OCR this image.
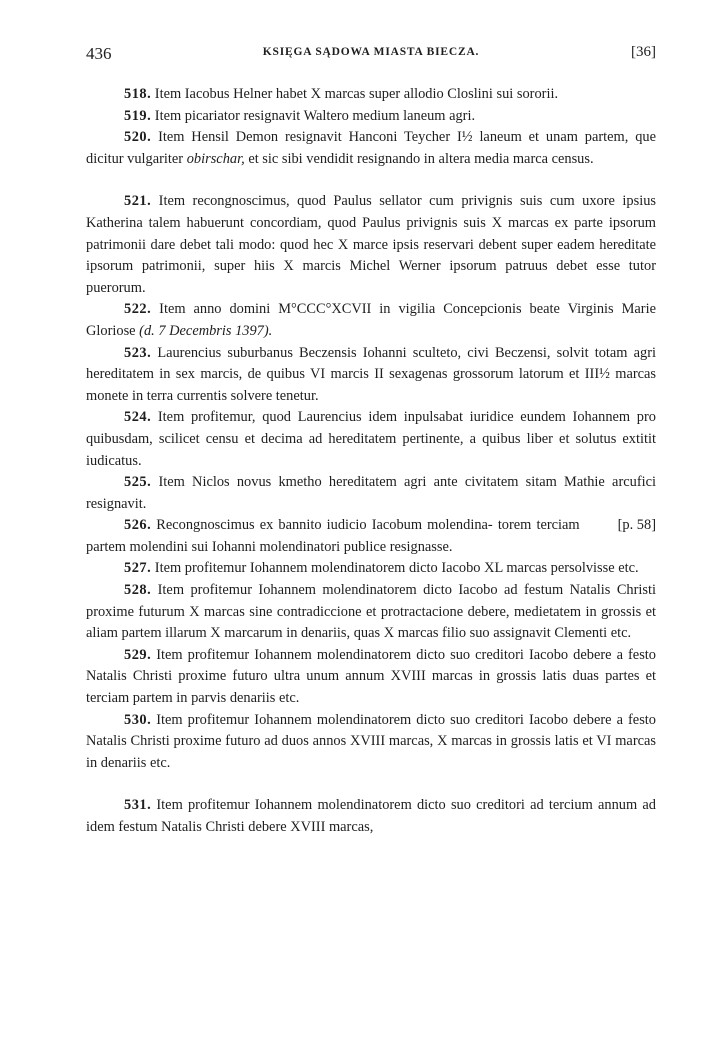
436	KSIĘGA SĄDOWA MIASTA BIECZA.	[36]

518. Item Iacobus Helner habet X marcas super allodio Closlini sui sororii.

519. Item picariator resignavit Waltero medium laneum agri.

520. Item Hensil Demon resignavit Hanconi Teycher I½ laneum et unam partem, que dicitur vulgariter obirschar, et sic sibi vendidit resignando in altera media marca census.

521. Item recongnoscimus, quod Paulus sellator cum privignis suis cum uxore ipsius Katherina talem habuerunt concordiam, quod Paulus privignis suis X marcas ex parte ipsorum patrimonii dare debet tali modo: quod hec X marce ipsis reservari debent super eadem hereditate ipsorum patrimonii, super hiis X marcis Michel Werner ipsorum patruus debet esse tutor puerorum.

522. Item anno domini M°CCC°XCVII in vigilia Concepcionis beate Virginis Marie Gloriose (d. 7 Decembris 1397).

523. Laurencius suburbanus Beczensis Iohanni sculteto, civi Beczensi, solvit totam agri hereditatem in sex marcis, de quibus VI marcis II sexagenas grossorum latorum et III½ marcas monete in terra currentis solvere tenetur.

524. Item profitemur, quod Laurencius idem inpulsabat iuridice eundem Iohannem pro quibusdam, scilicet censu et decima ad hereditatem pertinente, a quibus liber et solutus extitit iudicatus.

525. Item Niclos novus kmetho hereditatem agri ante civitatem sitam Mathie arcufici resignavit.

[p. 58]
526. Recongnoscimus ex bannito iudicio Iacobum molendina- torem terciam partem molendini sui Iohanni molendinatori publice resignasse.

527. Item profitemur Iohannem molendinatorem dicto Iacobo XL marcas persolvisse etc.

528. Item profitemur Iohannem molendinatorem dicto Iacobo ad festum Natalis Christi proxime futurum X marcas sine contradiccione et protractacione debere, medietatem in grossis et aliam partem illarum X marcarum in denariis, quas X marcas filio suo assignavit Clementi etc.

529. Item profitemur Iohannem molendinatorem dicto suo creditori Iacobo debere a festo Natalis Christi proxime futuro ultra unum annum XVIII marcas in grossis latis duas partes et terciam partem in parvis denariis etc.

530. Item profitemur Iohannem molendinatorem dicto suo creditori Iacobo debere a festo Natalis Christi proxime futuro ad duos annos XVIII marcas, X marcas in grossis latis et VI marcas in denariis etc.

531. Item profitemur Iohannem molendinatorem dicto suo creditori ad tercium annum ad idem festum Natalis Christi debere XVIII marcas,
